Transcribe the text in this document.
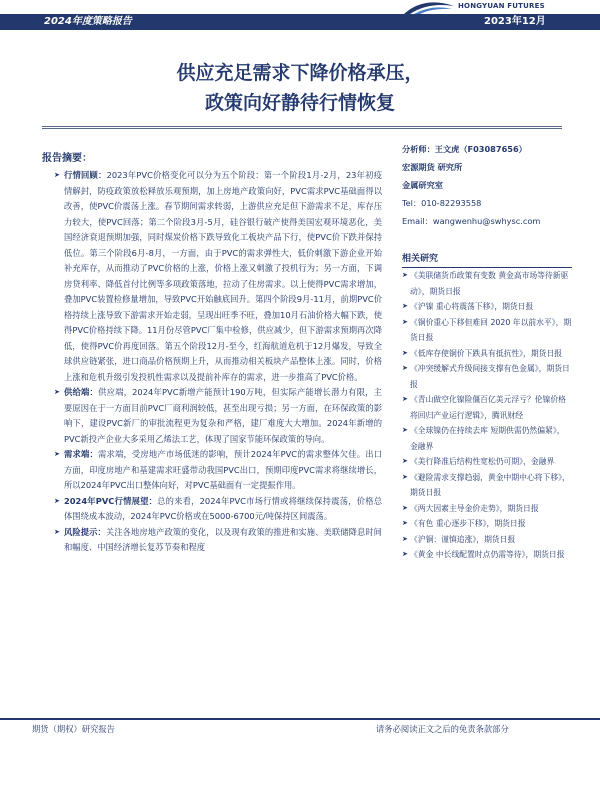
HONGYUAN FUTURES
2024年度策略报告	2023年12月
供应充足需求下降价格承压，
政策向好静待行情恢复
报告摘要：
➤ 行情回顾：2023年PVC价格变化可以分为五个阶段：第一个阶段1月-2月，23年初疫情解封，防疫政策放松释放乐观预期，加上房地产政策向好，PVC需求PVC基础面得以改善，使PVC价震荡上涨。春节期间需求转弱，上游供应充足但下游需求不足，库存压力较大，使PVC回落；第二个阶段3月-5月，硅谷银行破产使得美国宏观环境恶化，美国经济衰退预期加强，同时煤炭价格下跌导致化工板块产品下行，使PVC价下跌并保持低位。第三个阶段6月-8月，一方面，由于PVC的需求弹性大，低价刺激下游企业开始补充库存，从而推动了PVC价格的上涨，价格上涨又刺激了投机行为；另一方面，下调房贷利率、降低首付比例等多项政策落地，拉动了住房需求。以上使得PVC需求增加，叠加PVC装置检修量增加，导致PVC开始触底回升。第四个阶段9月-11月，前期PVC价格持续上涨导致下游需求开始走弱，呈现出旺季不旺，叠加10月石油价格大幅下跌，使得PVC价格持续下降。11月份尽管PVC厂集中检修，供应减少，但下游需求预期再次降低，使得PVC价再度回落。第五个阶段12月-至今，红海航道危机于12月爆发，导致全球供应链紧张，进口商品价格预期上升，从而推动相关板块产品整体上涨。同时，价格上涨和危机升级引发投机性需求以及提前补库存的需求，进一步推高了PVC价格。
➤ 供给端：供应端，2024年PVC新增产能预计190万吨，但实际产能增长潜力有限，主要原因在于一方面目前PVC厂商利润较低，甚至出现亏损；另一方面，在环保政策的影响下，建设PVC新厂的审批流程更为复杂和严格，建厂难度大大增加。2024年新增的PVC新投产企业大多采用乙烯法工艺，体现了国家节能环保政策的导向。
➤ 需求端：需求端，受房地产市场低迷的影响，预计2024年PVC的需求整体欠佳。出口方面，印度房地产和基建需求旺盛带动我国PVC出口，预期印度PVC需求将继续增长，所以2024年PVC出口整体向好，对PVC基础面有一定提振作用。
➤ 2024年PVC行情展望：总的来看，2024年PVC市场行情或将继续保持震荡，价格总体围绕成本波动，2024年PVC价格或在5000-6700元/吨保持区间震荡。
➤ 风险提示：关注各地房地产政策的变化，以及现有政策的推进和实施、美联储降息时间和幅度、中国经济增长复苏节奏和程度
分析师：王文虎（F03087656）
宏源期货 研究所
金属研究室
Tel：010-82293558
Email：wangwenhu@swhysc.com
相关研究
➤ 《美联储货币政策有变数 黄金高市场等待新驱动》，期货日报
➤ 《沪镍 重心将震荡下移》，期货日报
➤ 《铜价重心下移但难回 2020 年以前水平》，期货日报
➤ 《低库存使铜价下跌具有抵抗性》，期货日报
➤ 《冲突缓解式升级间接支撑有色金属》，期货日报
➤ 《青山做空化镍险僵百亿美元浮亏？伦镍价格将回归产业运行逻辑》，腾讯财经
➤ 《全球镍仍在持续去库 短期供需仍然偏紧》，金融界
➤ 《美行降准后结构性宽松仍可期》，金融界
➤ 《避险需求支撑趋弱，黄金中期中心将下移》，期货日报
➤ 《两大因素主导金价走势》，期货日报
➤ 《有色 重心逐步下移》，期货日报
➤ 《沪铜：谨慎追涨》，期货日报
➤ 《黄金 中长线配置时点仍需等待》，期货日报
期货（期权）研究报告	请务必阅读正文之后的免责条款部分
